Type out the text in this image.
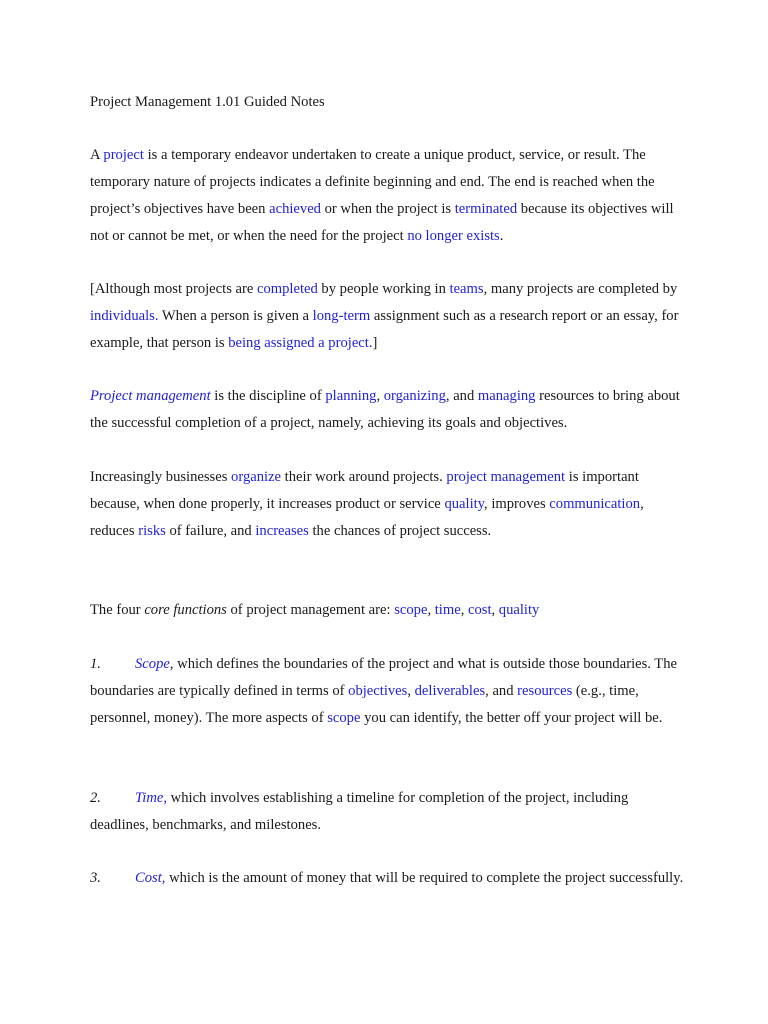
Project Management 1.01 Guided Notes

A project is a temporary endeavor undertaken to create a unique product, service, or result. The temporary nature of projects indicates a definite beginning and end. The end is reached when the project’s objectives have been achieved or when the project is terminated because its objectives will not or cannot be met, or when the need for the project no longer exists.

[Although most projects are completed by people working in teams, many projects are completed by individuals. When a person is given a long-term assignment such as a research report or an essay, for example, that person is being assigned a project.]

Project management is the discipline of planning, organizing, and managing resources to bring about the successful completion of a project, namely, achieving its goals and objectives.

Increasingly businesses organize their work around projects. project management is important because, when done properly, it increases product or service quality, improves communication, reduces risks of failure, and increases the chances of project success.

The four core functions of project management are: scope, time, cost, quality

1. Scope, which defines the boundaries of the project and what is outside those boundaries. The boundaries are typically defined in terms of objectives, deliverables, and resources (e.g., time, personnel, money). The more aspects of scope you can identify, the better off your project will be.

2. Time, which involves establishing a timeline for completion of the project, including deadlines, benchmarks, and milestones.

3. Cost, which is the amount of money that will be required to complete the project successfully.
